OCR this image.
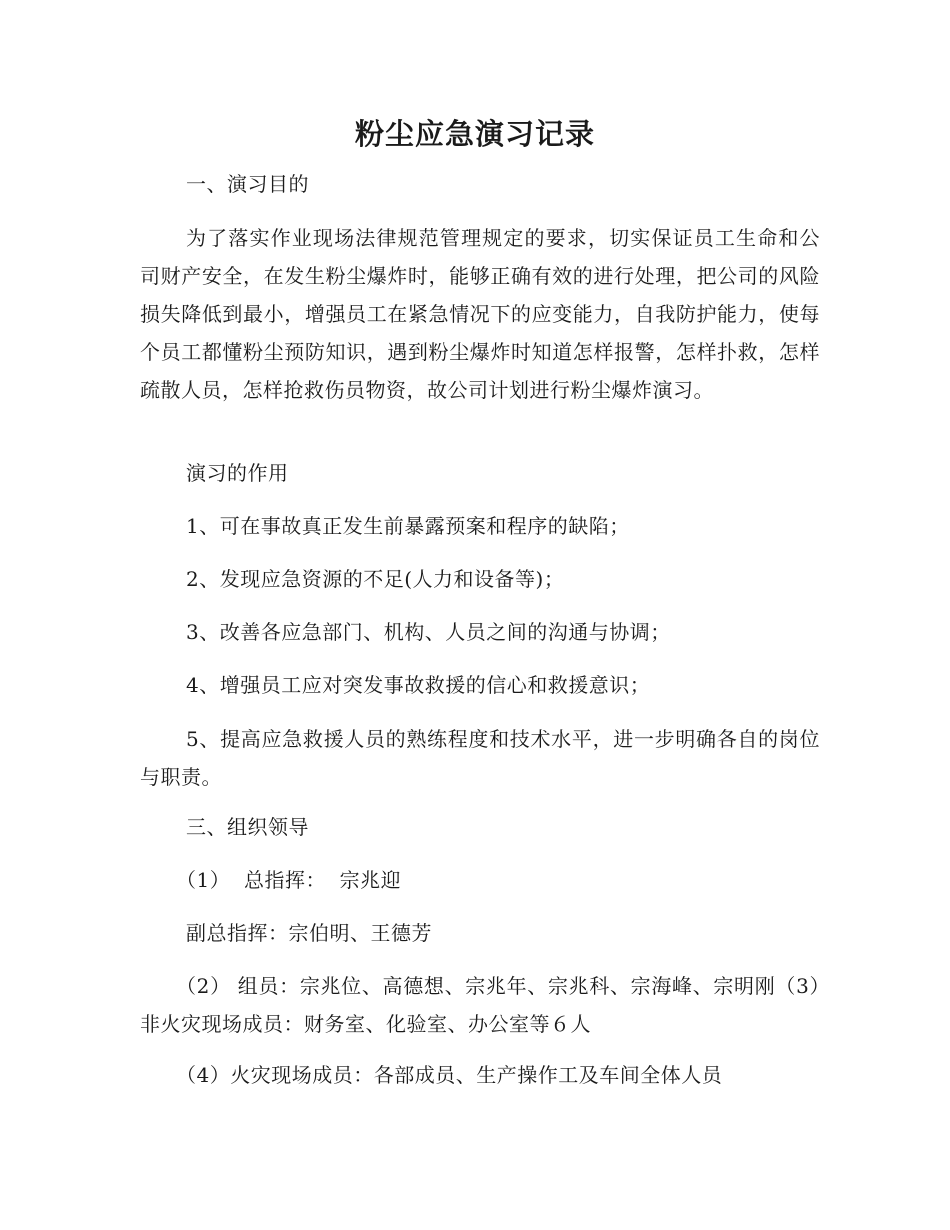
粉尘应急演习记录

一、演习目的

为了落实作业现场法律规范管理规定的要求，切实保证员工生命和公司财产安全，在发生粉尘爆炸时，能够正确有效的进行处理，把公司的风险损失降低到最小，增强员工在紧急情况下的应变能力，自我防护能力，使每个员工都懂粉尘预防知识，遇到粉尘爆炸时知道怎样报警，怎样扑救，怎样疏散人员，怎样抢救伤员物资，故公司计划进行粉尘爆炸演习。

演习的作用

1、可在事故真正发生前暴露预案和程序的缺陷；

2、发现应急资源的不足(人力和设备等)；

3、改善各应急部门、机构、人员之间的沟通与协调；

4、增强员工应对突发事故救援的信心和救援意识；

5、提高应急救援人员的熟练程度和技术水平，进一步明确各自的岗位与职责。

三、组织领导

（1）  总指挥：  宗兆迎

副总指挥：宗伯明、王德芳

（2） 组员：宗兆位、高德想、宗兆年、宗兆科、宗海峰、宗明刚（3）非火灾现场成员：财务室、化验室、办公室等６人

（4）火灾现场成员：各部成员、生产操作工及车间全体人员
